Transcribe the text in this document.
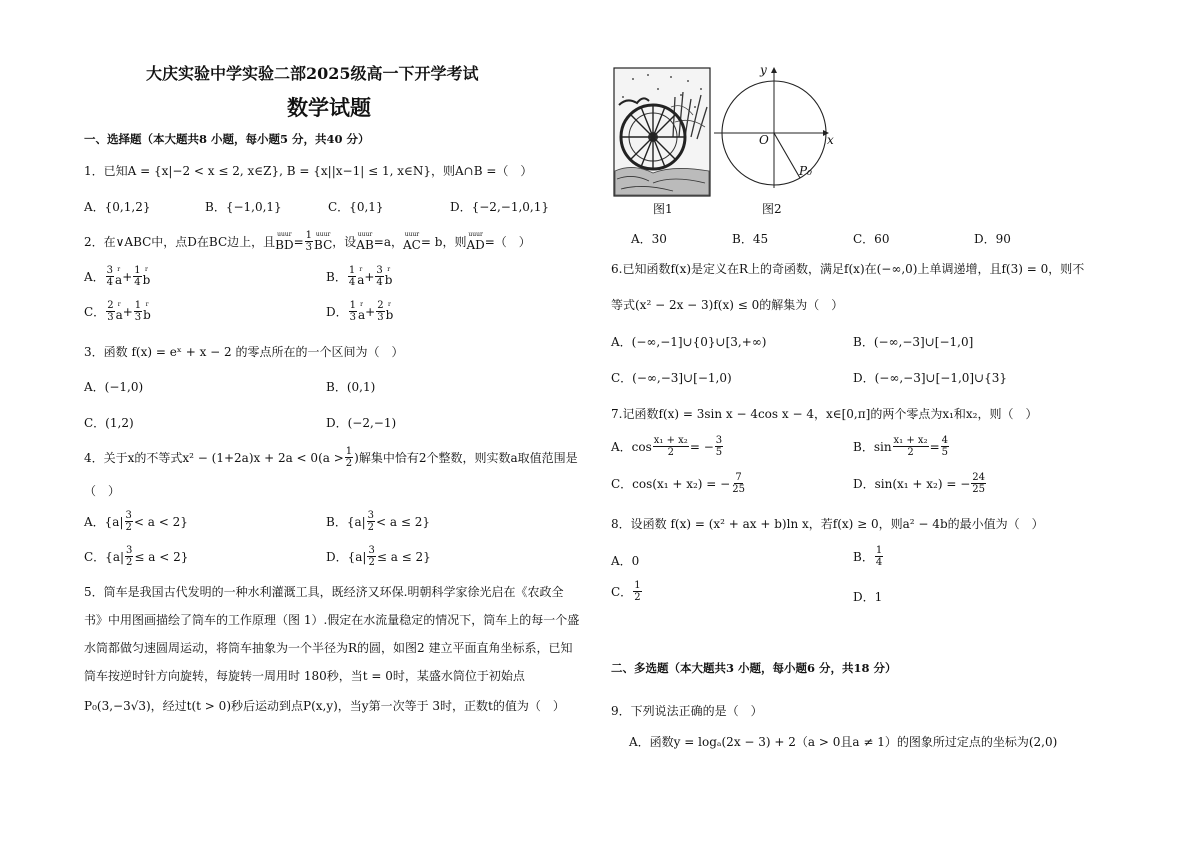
大庆实验中学实验二部2025级高一下开学考试
数学试题
一、选择题（本大题共8 小题，每小题5 分，共40 分）
1．已知A = {x|−2 < x ≤ 2, x∈Z}, B = {x||x−1| ≤ 1, x∈N}，则A∩B =（　）
A．{0,1,2}	B．{−1,0,1}	C．{0,1}	D．{−2,−1,0,1}
2．在∨ABC中，点D在BC边上，且
uuur
BD = $\frac{1}{3}$ uuur
BC ，设
uuur
AB =a ，
uuur
AC = b ，则
uuur
AD =（　）
A． $\frac{3}{4}$ r
$a + \frac{1}{4}$ r
b	B． $\frac{1}{4}$ r
$a + \frac{3}{4}$ r
b
C． $\frac{2}{3}$ r
$a + \frac{1}{3}$ r
b	D． $\frac{1}{3}$ r
$a + \frac{2}{3}$ r
b
3．函数 f(x) = eˣ + x − 2 的零点所在的一个区间为（　）
A．(−1,0)	B．(0,1)
C．(1,2)	D．(−2,−1)
4．关于x的不等式$x^2 - (1+2a)x + 2a < 0(a > \frac{1}{2}$ )解集中恰有2个整数，则实数a取值范围是
（　）
A．$\{a| \frac{3}{2} < a < 2\}$	B．$\{a| \frac{3}{2} < a \le 2\}$
C．$\{a| \frac{3}{2} \le a < 2\}$	D．$\{a| \frac{3}{2} \le a \le 2\}$
5．筒车是我国古代发明的一种水利灌溉工具，既经济又环保.明朝科学家徐光启在《农政全
书》中用图画描绘了筒车的工作原理（图 1）.假定在水流量稳定的情况下，筒车上的每一个盛
水筒都做匀速圆周运动，将筒车抽象为一个半径为R的圆，如图2 建立平面直角坐标系，已知
筒车按逆时针方向旋转，每旋转一周用时 180秒，当t = 0时，某盛水筒位于初始点
P₀(3,−3√3)，经过t(t > 0)秒后运动到点P(x,y)，当y第一次等于 3时，正数t的值为（　）
y
x
O
P₀
图1	图2
A．30	B．45	C．60	D．90
6.已知函数f(x)是定义在R上的奇函数，满足f(x)在(−∞,0)上单调递增，且f(3) = 0，则不
等式(x² − 2x − 3)f(x) ≤ 0的解集为（　）
A．(−∞,−1]∪{0}∪[3,+∞)	B．(−∞,−3]∪[−1,0]
C．(−∞,−3]∪[−1,0)	D．(−∞,−3]∪[−1,0]∪{3}
7.记函数f(x) = 3sin x − 4cos x − 4，x∈[0,π]的两个零点为x₁和x₂，则（　）
A．$\cos \frac{\text{x₁ + x₂}}{2}$ = − $\frac{3}{5}$	B．$\sin \frac{\text{x₁ + x₂}}{2} = \frac{4}{5}$
C．cos(x₁ + x₂) = − $\frac{7}{25}$	D．sin(x₁ + x₂) = − $\frac{24}{25}$
8．设函数 f(x) = (x² + ax + b)ln x，若f(x) ≥ 0，则a² − 4b的最小值为（　）
A．0	B． $\frac{1}{4}$
C． $\frac{1}{2}$	D．1
二、多选题（本大题共3 小题，每小题6 分，共18 分）
9．下列说法正确的是（　）
A．函数y = logₐ(2x − 3) + 2（a > 0且a ≠ 1）的图象所过定点的坐标为(2,0)
